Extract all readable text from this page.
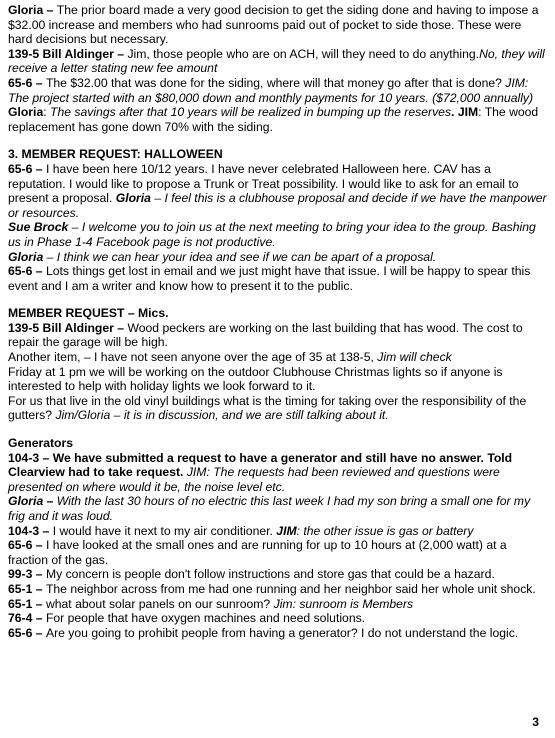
Gloria – The prior board made a very good decision to get the siding done and having to impose a $32.00 increase and members who had sunrooms paid out of pocket to side those. These were hard decisions but necessary.

139-5 Bill Aldinger – Jim, those people who are on ACH, will they need to do anything.No, they will receive a letter stating new fee amount

65-6 – The $32.00 that was done for the siding, where will that money go after that is done? JIM: The project started with an $80,000 down and monthly payments for 10 years. ($72,000 annually)

Gloria: The savings after that 10 years will be realized in bumping up the reserves. JIM: The wood replacement has gone down 70% with the siding.

3. MEMBER REQUEST: HALLOWEEN

65-6 – I have been here 10/12 years. I have never celebrated Halloween here. CAV has a reputation. I would like to propose a Trunk or Treat possibility. I would like to ask for an email to present a proposal. Gloria – I feel this is a clubhouse proposal and decide if we have the manpower or resources.

Sue Brock – I welcome you to join us at the next meeting to bring your idea to the group. Bashing us in Phase 1-4 Facebook page is not productive.

Gloria – I think we can hear your idea and see if we can be apart of a proposal.

65-6 – Lots things get lost in email and we just might have that issue. I will be happy to spear this event and I am a writer and know how to present it to the public.

MEMBER REQUEST – Mics.

139-5 Bill Aldinger – Wood peckers are working on the last building that has wood. The cost to repair the garage will be high.

Another item, – I have not seen anyone over the age of 35 at 138-5, Jim will check

Friday at 1 pm we will be working on the outdoor Clubhouse Christmas lights so if anyone is interested to help with holiday lights we look forward to it.

For us that live in the old vinyl buildings what is the timing for taking over the responsibility of the gutters? Jim/Gloria – it is in discussion, and we are still talking about it.

Generators

104-3 – We have submitted a request to have a generator and still have no answer. Told Clearview had to take request. JIM: The requests had been reviewed and questions were presented on where would it be, the noise level etc.

Gloria – With the last 30 hours of no electric this last week I had my son bring a small one for my frig and it was loud.

104-3 – I would have it next to my air conditioner. JIM: the other issue is gas or battery

65-6 – I have looked at the small ones and are running for up to 10 hours at (2,000 watt) at a fraction of the gas.

99-3 – My concern is people don't follow instructions and store gas that could be a hazard.

65-1 – The neighbor across from me had one running and her neighbor said her whole unit shock.

65-1 – what about solar panels on our sunroom? Jim: sunroom is Members

76-4 – For people that have oxygen machines and need solutions.

65-6 – Are you going to prohibit people from having a generator? I do not understand the logic.

3
